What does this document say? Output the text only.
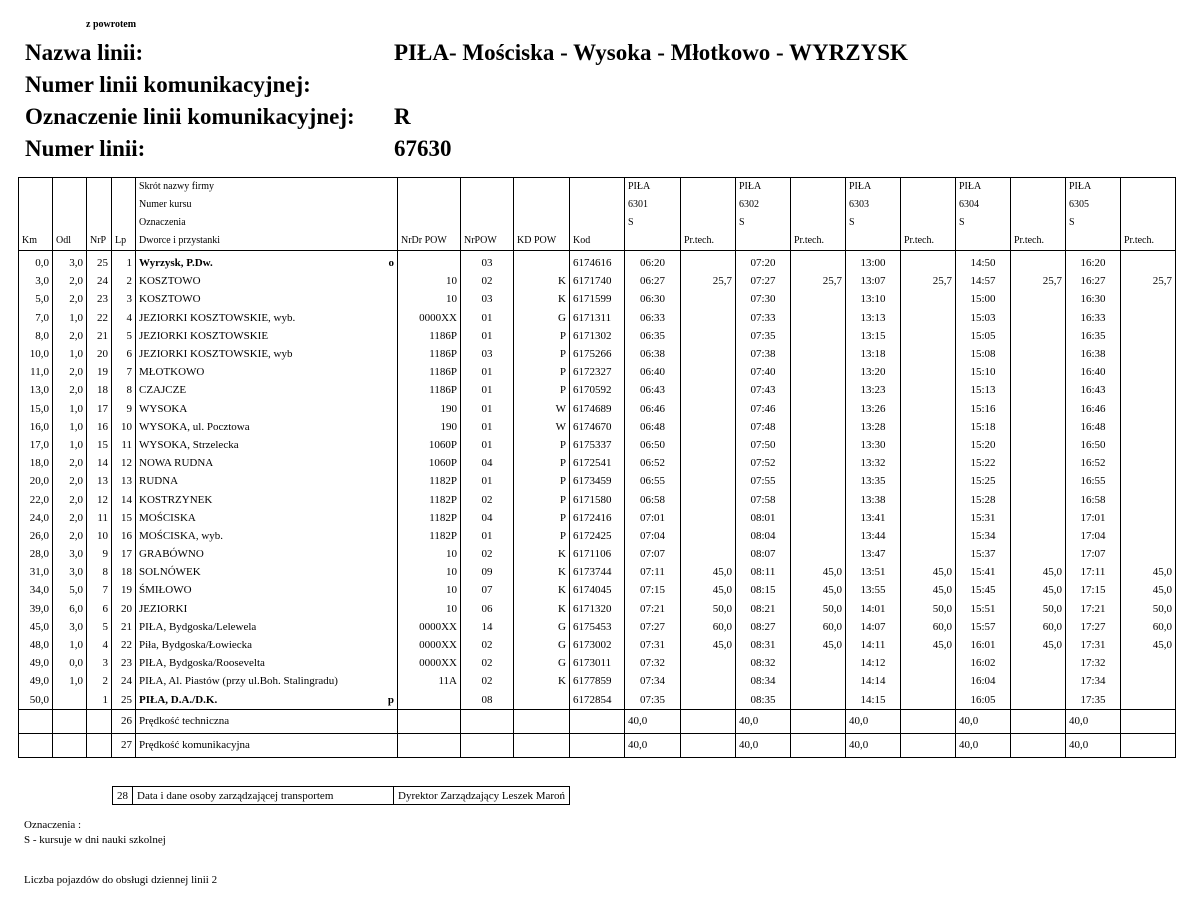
z powrotem
Nazwa linii:	PIŁA- Mościska - Wysoka - Młotkowo - WYRZYSK
Numer linii komunikacyjnej:
Oznaczenie linii komunikacyjnej: R
Numer linii:	67630
				Skrót nazwy firmy					PIŁA		PIŁA		PIŁA		PIŁA		PIŁA	
				Numer kursu					6301		6302		6303		6304		6305	
				Oznaczenia					S		S		S		S		S	
Km	Odl	NrP	Lp	Dworce i przystanki	NrDr POW	NrPOW	KD POW	Kod		Pr.tech.		Pr.tech.		Pr.tech.		Pr.tech.		Pr.tech.

0,0	3,0	25	1	Wyrzysk, P.Dw. o		03		6174616	06:20		07:20		13:00		14:50		16:20	
3,0	2,0	24	2	KOSZTOWO	10	02	K	6171740	06:27	25,7	07:27	25,7	13:07	25,7	14:57	25,7	16:27	25,7
5,0	2,0	23	3	KOSZTOWO	10	03	K	6171599	06:30		07:30		13:10		15:00		16:30	
7,0	1,0	22	4	JEZIORKI KOSZTOWSKIE, wyb.	0000XX	01	G	6171311	06:33		07:33		13:13		15:03		16:33	
8,0	2,0	21	5	JEZIORKI KOSZTOWSKIE	1186P	01	P	6171302	06:35		07:35		13:15		15:05		16:35	
10,0	1,0	20	6	JEZIORKI KOSZTOWSKIE, wyb	1186P	03	P	6175266	06:38		07:38		13:18		15:08		16:38	
11,0	2,0	19	7	MŁOTKOWO	1186P	01	P	6172327	06:40		07:40		13:20		15:10		16:40	
13,0	2,0	18	8	CZAJCZE	1186P	01	P	6170592	06:43		07:43		13:23		15:13		16:43	
15,0	1,0	17	9	WYSOKA	190	01	W	6174689	06:46		07:46		13:26		15:16		16:46	
16,0	1,0	16	10	WYSOKA, ul. Pocztowa	190	01	W	6174670	06:48		07:48		13:28		15:18		16:48	
17,0	1,0	15	11	WYSOKA, Strzelecka	1060P	01	P	6175337	06:50		07:50		13:30		15:20		16:50	
18,0	2,0	14	12	NOWA RUDNA	1060P	04	P	6172541	06:52		07:52		13:32		15:22		16:52	
20,0	2,0	13	13	RUDNA	1182P	01	P	6173459	06:55		07:55		13:35		15:25		16:55	
22,0	2,0	12	14	KOSTRZYNEK	1182P	02	P	6171580	06:58		07:58		13:38		15:28		16:58	
24,0	2,0	11	15	MOŚCISKA	1182P	04	P	6172416	07:01		08:01		13:41		15:31		17:01	
26,0	2,0	10	16	MOŚCISKA, wyb.	1182P	01	P	6172425	07:04		08:04		13:44		15:34		17:04	
28,0	3,0	9	17	GRABÓWNO	10	02	K	6171106	07:07		08:07		13:47		15:37		17:07	
31,0	3,0	8	18	SOLNÓWEK	10	09	K	6173744	07:11	45,0	08:11	45,0	13:51	45,0	15:41	45,0	17:11	45,0
34,0	5,0	7	19	ŚMIŁOWO	10	07	K	6174045	07:15	45,0	08:15	45,0	13:55	45,0	15:45	45,0	17:15	45,0
39,0	6,0	6	20	JEZIORKI	10	06	K	6171320	07:21	50,0	08:21	50,0	14:01	50,0	15:51	50,0	17:21	50,0
45,0	3,0	5	21	PIŁA, Bydgoska/Lelewela	0000XX	14	G	6175453	07:27	60,0	08:27	60,0	14:07	60,0	15:57	60,0	17:27	60,0
48,0	1,0	4	22	Piła, Bydgoska/Łowiecka	0000XX	02	G	6173002	07:31	45,0	08:31	45,0	14:11	45,0	16:01	45,0	17:31	45,0
49,0	0,0	3	23	PIŁA, Bydgoska/Roosevelta	0000XX	02	G	6173011	07:32		08:32		14:12		16:02		17:32	
49,0	1,0	2	24	PIŁA, Al. Piastów (przy ul.Boh. Stalingradu)	11A	02	K	6177859	07:34		08:34		14:14		16:04		17:34	
50,0		1	25	PIŁA, D.A./D.K. p		08		6172854	07:35		08:35		14:15		16:05		17:35	
			26	Prędkość techniczna					40,0		40,0		40,0		40,0		40,0	
			27	Prędkość komunikacyjna					40,0		40,0		40,0		40,0		40,0	
28	Data i dane osoby zarządzającej transportem	Dyrektor Zarządzający Leszek Maroń
Oznaczenia :
S - kursuje w dni nauki szkolnej
Liczba pojazdów do obsługi dziennej linii 2
